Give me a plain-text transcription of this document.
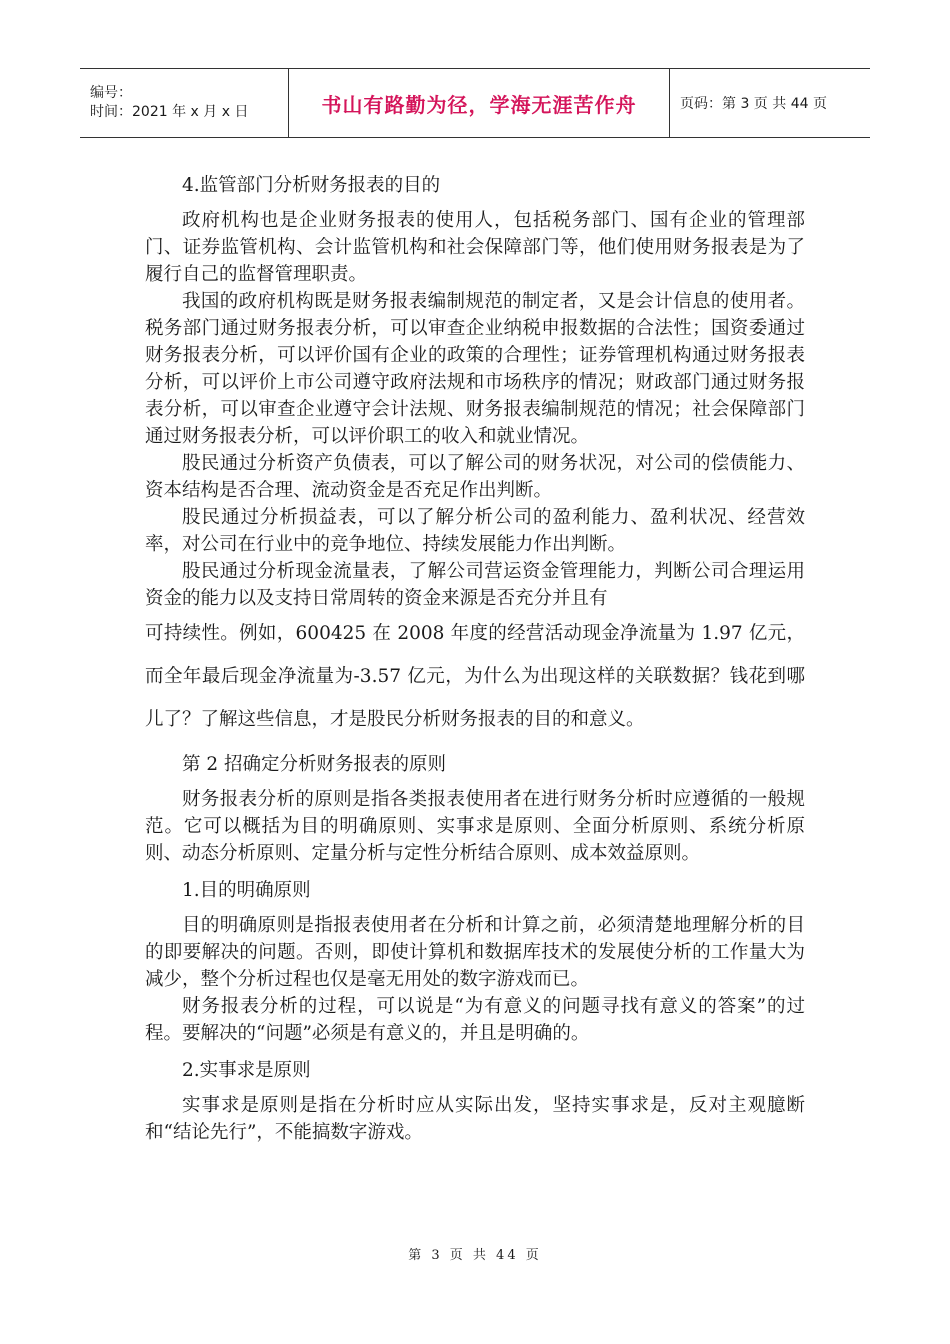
编号：
时间：2021 年 x 月 x 日	书山有路勤为径，学海无涯苦作舟	页码：第 3 页 共 44 页

4.监管部门分析财务报表的目的

政府机构也是企业财务报表的使用人，包括税务部门、国有企业的管理部门、证券监管机构、会计监管机构和社会保障部门等，他们使用财务报表是为了履行自己的监督管理职责。

我国的政府机构既是财务报表编制规范的制定者，又是会计信息的使用者。税务部门通过财务报表分析，可以审查企业纳税申报数据的合法性；国资委通过财务报表分析，可以评价国有企业的政策的合理性；证券管理机构通过财务报表分析，可以评价上市公司遵守政府法规和市场秩序的情况；财政部门通过财务报表分析，可以审查企业遵守会计法规、财务报表编制规范的情况；社会保障部门通过财务报表分析，可以评价职工的收入和就业情况。

股民通过分析资产负债表，可以了解公司的财务状况，对公司的偿债能力、资本结构是否合理、流动资金是否充足作出判断。

股民通过分析损益表，可以了解分析公司的盈利能力、盈利状况、经营效率，对公司在行业中的竞争地位、持续发展能力作出判断。

股民通过分析现金流量表，了解公司营运资金管理能力，判断公司合理运用资金的能力以及支持日常周转的资金来源是否充分并且有

可持续性。例如，600425 在 2008 年度的经营活动现金净流量为 1.97 亿元，而全年最后现金净流量为-3.57 亿元，为什么为出现这样的关联数据？钱花到哪儿了？了解这些信息，才是股民分析财务报表的目的和意义。

第 2 招确定分析财务报表的原则

财务报表分析的原则是指各类报表使用者在进行财务分析时应遵循的一般规范。它可以概括为目的明确原则、实事求是原则、全面分析原则、系统分析原则、动态分析原则、定量分析与定性分析结合原则、成本效益原则。

1.目的明确原则

目的明确原则是指报表使用者在分析和计算之前，必须清楚地理解分析的目的即要解决的问题。否则，即使计算机和数据库技术的发展使分析的工作量大为减少，整个分析过程也仅是毫无用处的数字游戏而已。

财务报表分析的过程，可以说是“为有意义的问题寻找有意义的答案”的过程。要解决的“问题”必须是有意义的，并且是明确的。

2.实事求是原则

实事求是原则是指在分析时应从实际出发，坚持实事求是，反对主观臆断和“结论先行”，不能搞数字游戏。

第 3 页 共 44 页
